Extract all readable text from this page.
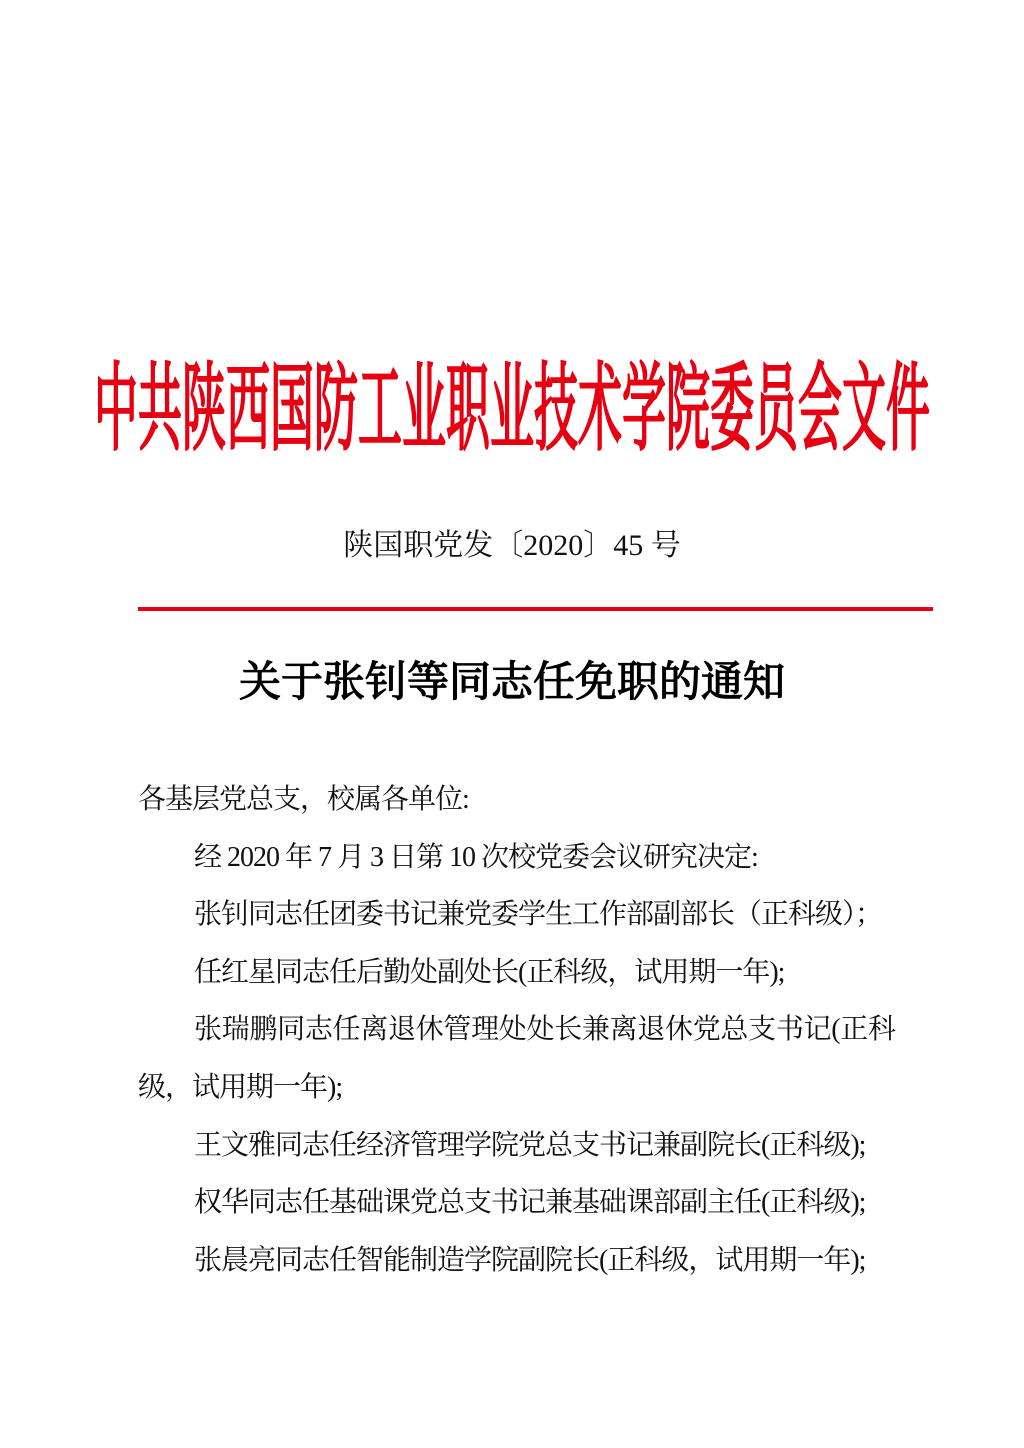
中共陕西国防工业职业技术学院委员会文件
陕国职党发〔2020〕45 号
关于张钊等同志任免职的通知

各基层党总支，校属各单位:

经 2020 年 7 月 3 日第 10 次校党委会议研究决定:

张钊同志任团委书记兼党委学生工作部副部长（正科级）；

任红星同志任后勤处副处长(正科级，试用期一年);

张瑞鹏同志任离退休管理处处长兼离退休党总支书记(正科级，试用期一年);

王文雅同志任经济管理学院党总支书记兼副院长(正科级);

权华同志任基础课党总支书记兼基础课部副主任(正科级);

张晨亮同志任智能制造学院副院长(正科级，试用期一年);
